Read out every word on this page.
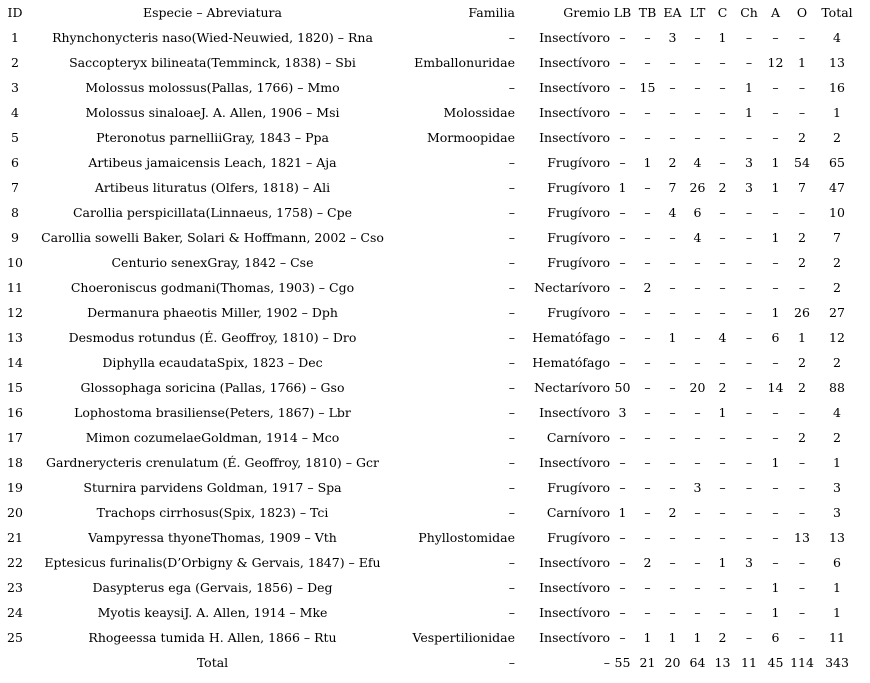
ID	Especie – Abreviatura	Familia	Gremio	LB	TB	EA	LT	C	Ch	A	O	Total	
1	Rhynchonycteris naso(Wied-Neuwied, 1820) – Rna	–	Insectívoro	–	–	3	–	1	–	–	–	4	
2	Saccopteryx bilineata(Temminck, 1838) – Sbi	Emballonuridae	Insectívoro	–	–	–	–	–	–	12	1	13	
3	Molossus molossus(Pallas, 1766) – Mmo	–	Insectívoro	–	15	–	–	–	1	–	–	16	
4	Molossus sinaloaeJ. A. Allen, 1906 – Msi	Molossidae	Insectívoro	–	–	–	–	–	1	–	–	1	
5	Pteronotus parnelliiGray, 1843 – Ppa	Mormoopidae	Insectívoro	–	–	–	–	–	–	–	2	2	
6	Artibeus jamaicensis Leach, 1821 – Aja	–	Frugívoro	–	1	2	4	–	3	1	54	65	
7	Artibeus lituratus (Olfers, 1818) – Ali	–	Frugívoro	1	–	7	26	2	3	1	7	47	
8	Carollia perspicillata(Linnaeus, 1758) – Cpe	–	Frugívoro	–	–	4	6	–	–	–	–	10	
9	Carollia sowelli Baker, Solari & Hoffmann, 2002 – Cso	–	Frugívoro	–	–	–	4	–	–	1	2	7	
10	Centurio senexGray, 1842 – Cse	–	Frugívoro	–	–	–	–	–	–	–	2	2	
11	Choeroniscus godmani(Thomas, 1903) – Cgo	–	Nectarívoro	–	2	–	–	–	–	–	–	2	
12	Dermanura phaeotis Miller, 1902 – Dph	–	Frugívoro	–	–	–	–	–	–	1	26	27	
13	Desmodus rotundus (É. Geoffroy, 1810) – Dro	–	Hematófago	–	–	1	–	4	–	6	1	12	
14	Diphylla ecaudataSpix, 1823 – Dec	–	Hematófago	–	–	–	–	–	–	–	2	2	
15	Glossophaga soricina (Pallas, 1766) – Gso	–	Nectarívoro	50	–	–	20	2	–	14	2	88	
16	Lophostoma brasiliense(Peters, 1867) – Lbr	–	Insectívoro	3	–	–	–	1	–	–	–	4	
17	Mimon cozumelaeGoldman, 1914 – Mco	–	Carnívoro	–	–	–	–	–	–	–	2	2	
18	Gardnerycteris crenulatum (É. Geoffroy, 1810) – Gcr	–	Insectívoro	–	–	–	–	–	–	1	–	1	
19	Sturnira parvidens Goldman, 1917 – Spa	–	Frugívoro	–	–	–	3	–	–	–	–	3	
20	Trachops cirrhosus(Spix, 1823) – Tci	–	Carnívoro	1	–	2	–	–	–	–	–	3	
21	Vampyressa thyoneThomas, 1909 – Vth	Phyllostomidae	Frugívoro	–	–	–	–	–	–	–	13	13	
22	Eptesicus furinalis(D’Orbigny & Gervais, 1847) – Efu	–	Insectívoro	–	2	–	–	1	3	–	–	6	
23	Dasypterus ega (Gervais, 1856) – Deg	–	Insectívoro	–	–	–	–	–	–	1	–	1	
24	Myotis keaysiJ. A. Allen, 1914 – Mke	–	Insectívoro	–	–	–	–	–	–	1	–	1	
25	Rhogeessa tumida H. Allen, 1866 – Rtu	Vespertilionidae	Insectívoro	–	1	1	1	2	–	6	–	11	
	Total	–	–	55	21	20	64	13	11	45	114	343	
